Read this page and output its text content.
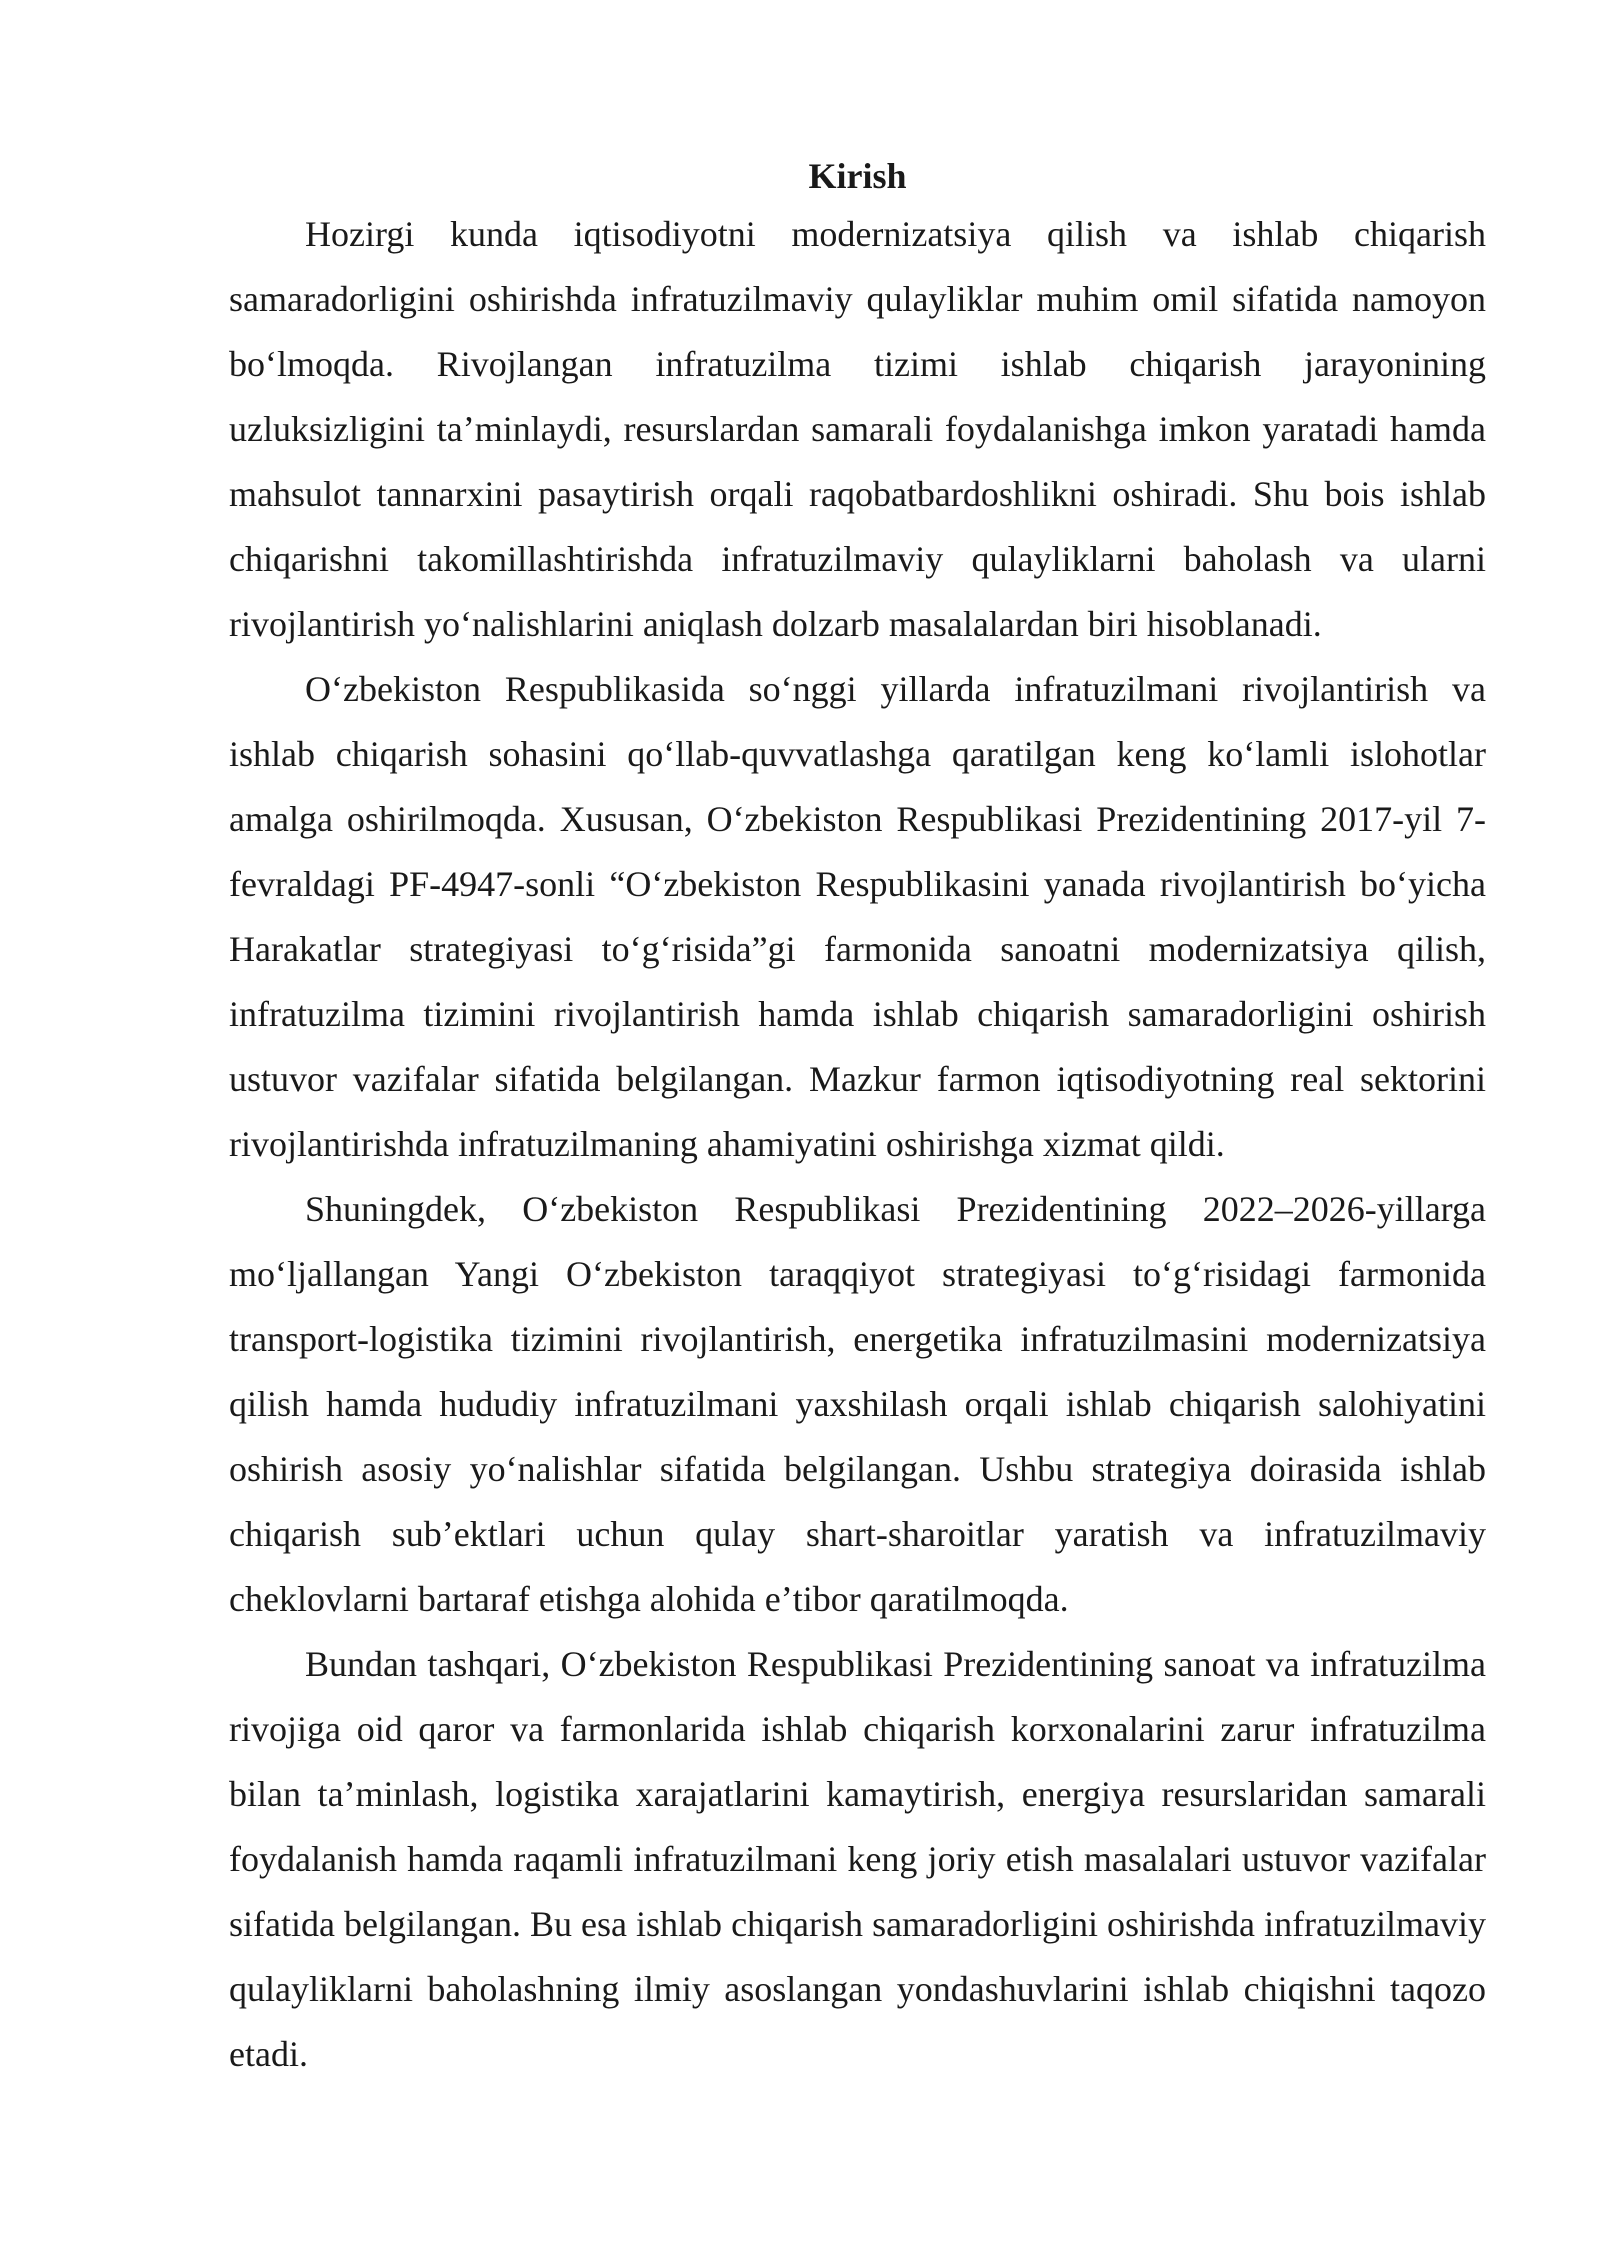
Kirish

Hozirgi kunda iqtisodiyotni modernizatsiya qilish va ishlab chiqarish samaradorligini oshirishda infratuzilmaviy qulayliklar muhim omil sifatida namoyon boʻlmoqda. Rivojlangan infratuzilma tizimi ishlab chiqarish jarayonining uzluksizligini taʼminlaydi, resurslardan samarali foydalanishga imkon yaratadi hamda mahsulot tannarxini pasaytirish orqali raqobatbardoshlikni oshiradi. Shu bois ishlab chiqarishni takomillashtirishda infratuzilmaviy qulayliklarni baholash va ularni rivojlantirish yoʻnalishlarini aniqlash dolzarb masalalardan biri hisoblanadi.

Oʻzbekiston Respublikasida soʻnggi yillarda infratuzilmani rivojlantirish va ishlab chiqarish sohasini qoʻllab-quvvatlashga qaratilgan keng koʻlamli islohotlar amalga oshirilmoqda. Xususan, Oʻzbekiston Respublikasi Prezidentining 2017-yil 7-fevraldagi PF-4947-sonli “Oʻzbekiston Respublikasini yanada rivojlantirish boʻyicha Harakatlar strategiyasi toʻgʻrisida”gi farmonida sanoatni modernizatsiya qilish, infratuzilma tizimini rivojlantirish hamda ishlab chiqarish samaradorligini oshirish ustuvor vazifalar sifatida belgilangan. Mazkur farmon iqtisodiyotning real sektorini rivojlantirishda infratuzilmaning ahamiyatini oshirishga xizmat qildi.

Shuningdek, Oʻzbekiston Respublikasi Prezidentining 2022–2026-yillarga moʻljallangan Yangi Oʻzbekiston taraqqiyot strategiyasi toʻgʻrisidagi farmonida transport-logistika tizimini rivojlantirish, energetika infratuzilmasini modernizatsiya qilish hamda hududiy infratuzilmani yaxshilash orqali ishlab chiqarish salohiyatini oshirish asosiy yoʻnalishlar sifatida belgilangan. Ushbu strategiya doirasida ishlab chiqarish subʼektlari uchun qulay shart-sharoitlar yaratish va infratuzilmaviy cheklovlarni bartaraf etishga alohida eʼtibor qaratilmoqda.

Bundan tashqari, Oʻzbekiston Respublikasi Prezidentining sanoat va infratuzilma rivojiga oid qaror va farmonlarida ishlab chiqarish korxonalarini zarur infratuzilma bilan taʼminlash, logistika xarajatlarini kamaytirish, energiya resurslaridan samarali foydalanish hamda raqamli infratuzilmani keng joriy etish masalalari ustuvor vazifalar sifatida belgilangan. Bu esa ishlab chiqarish samaradorligini oshirishda infratuzilmaviy qulayliklarni baholashning ilmiy asoslangan yondashuvlarini ishlab chiqishni taqozo etadi.
